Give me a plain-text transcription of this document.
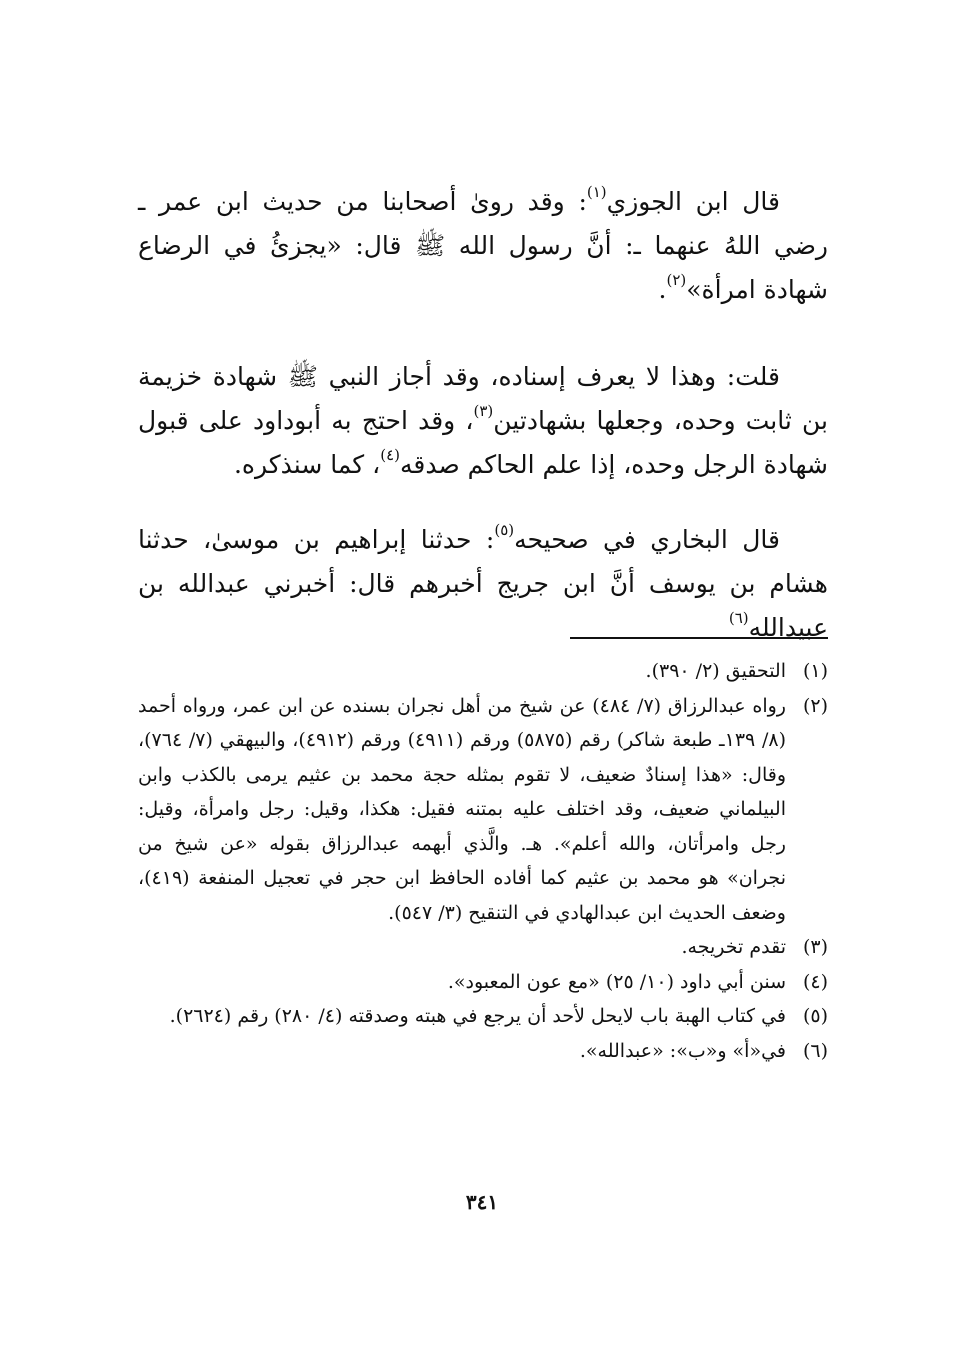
قال ابن الجوزي$^{(١)}$: وقد روىٰ أصحابنا من حديث ابن عمر ـ رضي اللهُ عنهما ـ: أنَّ رسول الله ﷺ قال: «يجزئُ في الرضاع شهادة امرأة»$^{(٢)}$.

قلت: وهذا لا يعرف إسناده، وقد أجاز النبي ﷺ شهادة خزيمة بن ثابت وحده، وجعلها بشهادتين$^{(٣)}$، وقد احتج به أبوداود على قبول شهادة الرجل وحده، إذا علم الحاكم صدقه$^{(٤)}$، كما سنذكره.

قال البخاري في صحيحه$^{(٥)}$: حدثنا إبراهيم بن موسىٰ، حدثنا هشام بن يوسف أنَّ ابن جريج أخبرهم قال: أخبرني عبدالله بن عبيدالله$^{(٦)}$

(١)
التحقيق (٢/ ٣٩٠).
(٢)
رواه عبدالرزاق (٧/ ٤٨٤) عن شيخ من أهل نجران بسنده عن ابن عمر، ورواه أحمد (٨/ ١٣٩ـ طبعة شاكر) رقم (٥٨٧٥) ورقم (٤٩١١) ورقم (٤٩١٢)، والبيهقي (٧/ ٧٦٤)، وقال: «هذا إسنادٌ ضعيف، لا تقوم بمثله حجة محمد بن عثيم يرمى بالكذب وابن البيلماني ضعيف، وقد اختلف عليه بمتنه فقيل: هكذا، وقيل: رجل وامرأة، وقيل: رجل وامرأتان، والله أعلم». هـ. والَّذي أبهمه عبدالرزاق بقوله «عن شيخ من نجران» هو محمد بن عثيم كما أفاده الحافظ ابن حجر في تعجيل المنفعة (٤١٩)، وضعف الحديث ابن عبدالهادي في التنقيح (٣/ ٥٤٧).
(٣)
تقدم تخريجه.
(٤)
سنن أبي داود (١٠/ ٢٥) «مع عون المعبود».
(٥)
في كتاب الهبة باب لايحل لأحد أن يرجع في هبته وصدقته (٤/ ٢٨٠) رقم (٢٦٢٤).
(٦)
في«أ» و«ب»: «عبدالله».
٣٤١
